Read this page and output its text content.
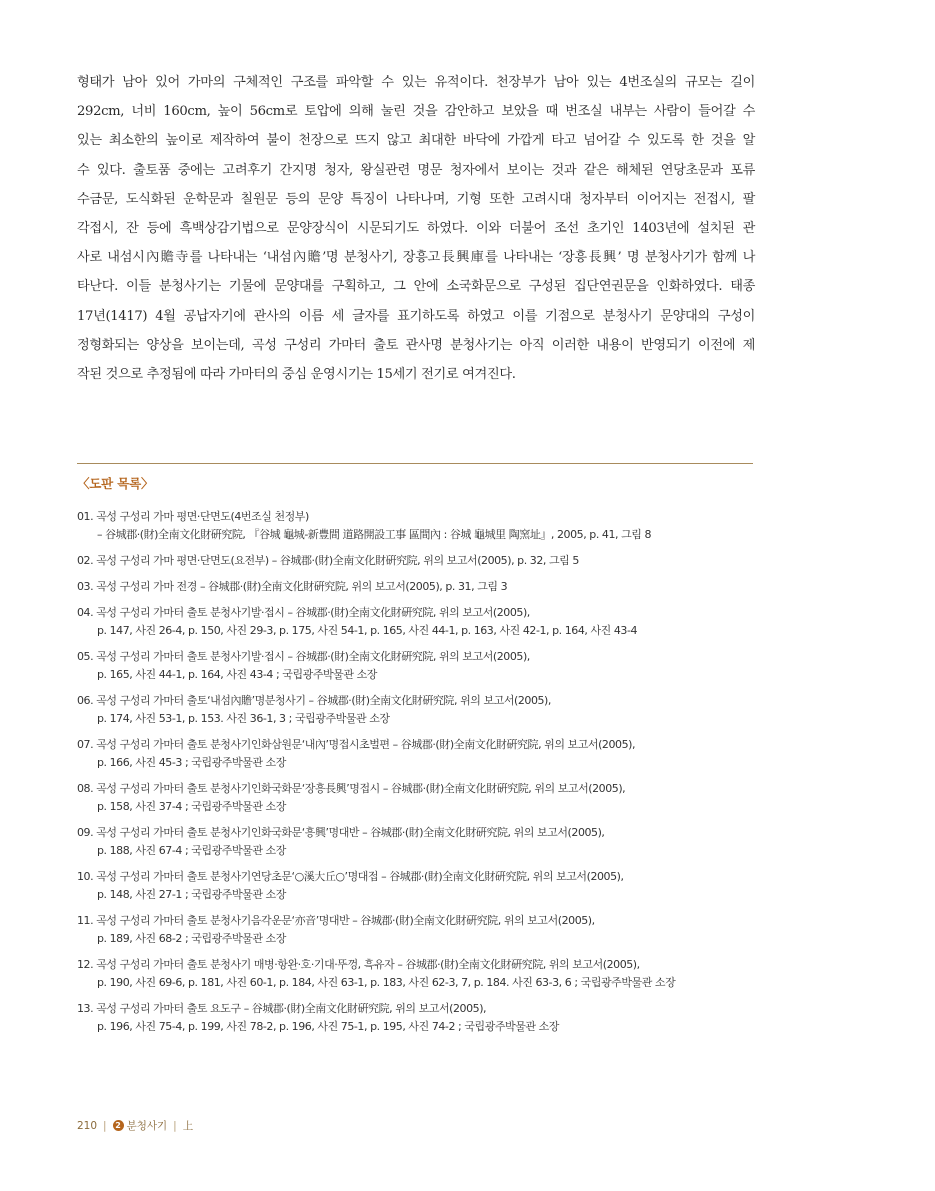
형태가 남아 있어 가마의 구체적인 구조를 파악할 수 있는 유적이다. 천장부가 남아 있는 4번조실의 규모는 길이
292cm, 너비 160cm, 높이 56cm로 토압에 의해 눌린 것을 감안하고 보았을 때 번조실 내부는 사람이 들어갈 수
있는 최소한의 높이로 제작하여 불이 천장으로 뜨지 않고 최대한 바닥에 가깝게 타고 넘어갈 수 있도록 한 것을 알
수 있다. 출토품 중에는 고려후기 간지명 청자, 왕실관련 명문 청자에서 보이는 것과 같은 해체된 연당초문과 포류
수금문, 도식화된 운학문과 칠원문 등의 문양 특징이 나타나며, 기형 또한 고려시대 청자부터 이어지는 전접시, 팔
각접시, 잔 등에 흑백상감기법으로 문양장식이 시문되기도 하였다. 이와 더불어 조선 초기인 1403년에 설치된 관
사로 내섬시內贍寺를 나타내는 ‘내섬內贍’명 분청사기, 장흥고長興庫를 나타내는 ‘장흥長興’ 명 분청사기가 함께 나
타난다. 이들 분청사기는 기물에 문양대를 구획하고, 그 안에 소국화문으로 구성된 집단연권문을 인화하였다. 태종
17년(1417) 4월 공납자기에 관사의 이름 세 글자를 표기하도록 하였고 이를 기점으로 분청사기 문양대의 구성이
정형화되는 양상을 보이는데, 곡성 구성리 가마터 출토 관사명 분청사기는 아직 이러한 내용이 반영되기 이전에 제
작된 것으로 추정됨에 따라 가마터의 중심 운영시기는 15세기 전기로 여겨진다.
〈도판 목록〉
01. 곡성 구성리 가마 평면·단면도(4번조실 천정부)
– 谷城郡·(財)全南文化財硏究院, 『谷城 龜城-新豊間 道路開設工事 區間內 : 谷城 龜城里 陶窯址』, 2005, p. 41, 그림 8
02. 곡성 구성리 가마 평면·단면도(요전부) – 谷城郡·(財)全南文化財硏究院, 위의 보고서(2005), p. 32, 그림 5
03. 곡성 구성리 가마 전경 – 谷城郡·(財)全南文化財硏究院, 위의 보고서(2005), p. 31, 그림 3
04. 곡성 구성리 가마터 출토 분청사기발·접시 – 谷城郡·(財)全南文化財硏究院, 위의 보고서(2005),
p. 147, 사진 26-4, p. 150, 사진 29-3, p. 175, 사진 54-1, p. 165, 사진 44-1, p. 163, 사진 42-1, p. 164, 사진 43-4
05. 곡성 구성리 가마터 출토 분청사기발·접시 – 谷城郡·(財)全南文化財硏究院, 위의 보고서(2005),
p. 165, 사진 44-1, p. 164, 사진 43-4 ; 국립광주박물관 소장
06. 곡성 구성리 가마터 출토‘내섬內贍’명분청사기 – 谷城郡·(財)全南文化財硏究院, 위의 보고서(2005),
p. 174, 사진 53-1, p. 153. 사진 36-1, 3 ; 국립광주박물관 소장
07. 곡성 구성리 가마터 출토 분청사기인화삼원문‘내內’명접시초벌편 – 谷城郡·(財)全南文化財硏究院, 위의 보고서(2005),
p. 166, 사진 45-3 ; 국립광주박물관 소장
08. 곡성 구성리 가마터 출토 분청사기인화국화문‘장흥長興’명접시 – 谷城郡·(財)全南文化財硏究院, 위의 보고서(2005),
p. 158, 사진 37-4 ; 국립광주박물관 소장
09. 곡성 구성리 가마터 출토 분청사기인화국화문‘흥興’명대반 – 谷城郡·(財)全南文化財硏究院, 위의 보고서(2005),
p. 188, 사진 67-4 ; 국립광주박물관 소장
10. 곡성 구성리 가마터 출토 분청사기연당초문‘○溪大丘○’명대접 – 谷城郡·(財)全南文化財硏究院, 위의 보고서(2005),
p. 148, 사진 27-1 ; 국립광주박물관 소장
11. 곡성 구성리 가마터 출토 분청사기음각운문‘亦音’명대반 – 谷城郡·(財)全南文化財硏究院, 위의 보고서(2005),
p. 189, 사진 68-2 ; 국립광주박물관 소장
12. 곡성 구성리 가마터 출토 분청사기 매병·항완·호·기대·뚜껑, 흑유자 – 谷城郡·(財)全南文化財硏究院, 위의 보고서(2005),
p. 190, 사진 69-6, p. 181, 사진 60-1, p. 184, 사진 63-1, p. 183, 사진 62-3, 7, p. 184. 사진 63-3, 6 ; 국립광주박물관 소장
13. 곡성 구성리 가마터 출토 요도구 – 谷城郡·(財)全南文化財硏究院, 위의 보고서(2005),
p. 196, 사진 75-4, p. 199, 사진 78-2, p. 196, 사진 75-1, p. 195, 사진 74-2 ; 국립광주박물관 소장
210 |	2 분청사기 | 上
